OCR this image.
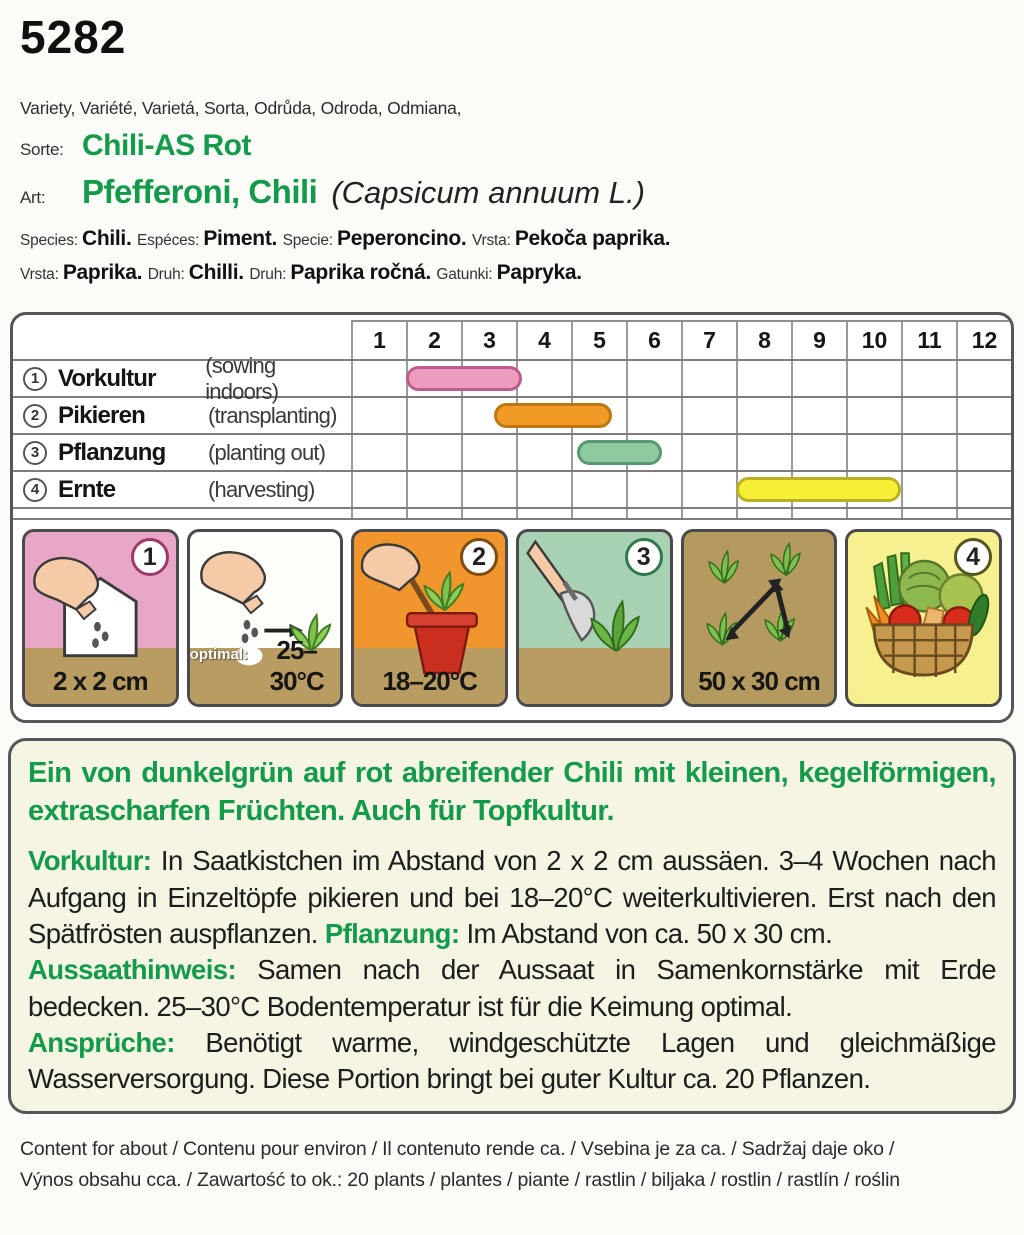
5282
Variety, Variété, Varietá, Sorta, Odrůda, Odroda, Odmiana,
Sorte: Chili-AS Rot
Art:	Pfefferoni, Chili (Capsicum annuum L.)
Species: Chili. Espéces: Piment. Specie: Peperoncino. Vrsta: Pekoča paprika.
Vrsta: Paprika. Druh: Chilli. Druh: Paprika ročná. Gatunki: Papryka.
1	2	3	4	5	6	7	8	9	10	11	12
1 Vorkultur	(sowing indoors)
2 Pikieren	(transplanting)
3 Pflanzung	(planting out)
4 Ernte	(harvesting)
1
2 x 2 cm
optimal:	25–30°C
2
18–20°C
3
50 x 30 cm
4
Ein von dunkelgrün auf rot abreifender Chili mit kleinen, kegelförmigen, extrascharfen Früchten. Auch für Topfkultur.

Vorkultur: In Saatkistchen im Abstand von 2 x 2 cm aussäen. 3–4 Wochen nach Aufgang in Einzeltöpfe pikieren und bei 18–20°C weiterkultivieren. Erst nach den Spätfrösten auspflanzen. Pflanzung: Im Abstand von ca. 50 x 30 cm.

Aussaathinweis: Samen nach der Aussaat in Samenkornstärke mit Erde bedecken. 25–30°C Bodentemperatur ist für die Keimung optimal.

Ansprüche: Benötigt warme, windgeschützte Lagen und gleichmäßige Wasserversorgung. Diese Portion bringt bei guter Kultur ca. 20 Pflanzen.

Content for about / Contenu pour environ / Il contenuto rende ca. / Vsebina je za ca. / Sadržaj daje oko /
Výnos obsahu cca. / Zawartość to ok.: 20 plants / plantes / piante / rastlin / biljaka / rostlin / rastlín / roślin
